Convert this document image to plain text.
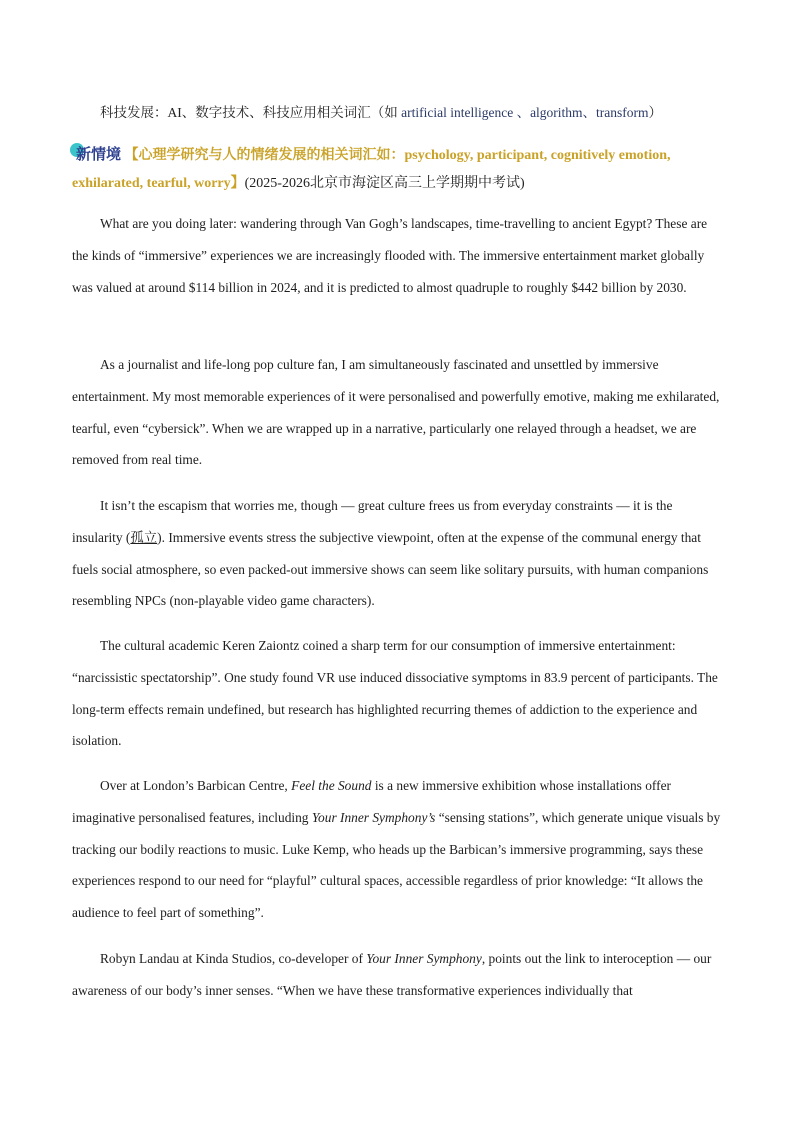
科技发展：AI、数字技术、科技应用相关词汇（如 artificial intelligence 、algorithm、transform）
新情境 【心理学研究与人的情绪发展的相关词汇如：psychology, participant, cognitively emotion, exhilarated, tearful, worry】(2025-2026北京市海淀区高三上学期期中考试)

What are you doing later: wandering through Van Gogh’s landscapes, time-travelling to ancient Egypt? These are the kinds of “immersive” experiences we are increasingly flooded with. The immersive entertainment market globally was valued at around $114 billion in 2024, and it is predicted to almost quadruple to roughly $442 billion by 2030.

As a journalist and life-long pop culture fan, I am simultaneously fascinated and unsettled by immersive entertainment. My most memorable experiences of it were personalised and powerfully emotive, making me exhilarated, tearful, even “cybersick”. When we are wrapped up in a narrative, particularly one relayed through a headset, we are removed from real time.

It isn’t the escapism that worries me, though — great culture frees us from everyday constraints — it is the insularity (孤立). Immersive events stress the subjective viewpoint, often at the expense of the communal energy that fuels social atmosphere, so even packed-out immersive shows can seem like solitary pursuits, with human companions resembling NPCs (non-playable video game characters).

The cultural academic Keren Zaiontz coined a sharp term for our consumption of immersive entertainment: “narcissistic spectatorship”. One study found VR use induced dissociative symptoms in 83.9 percent of participants. The long-term effects remain undefined, but research has highlighted recurring themes of addiction to the experience and isolation.

Over at London’s Barbican Centre, Feel the Sound is a new immersive exhibition whose installations offer imaginative personalised features, including Your Inner Symphony’s “sensing stations”, which generate unique visuals by tracking our bodily reactions to music. Luke Kemp, who heads up the Barbican’s immersive programming, says these experiences respond to our need for “playful” cultural spaces, accessible regardless of prior knowledge: “It allows the audience to feel part of something”.

Robyn Landau at Kinda Studios, co-developer of Your Inner Symphony, points out the link to interoception — our awareness of our body’s inner senses. “When we have these transformative experiences individually that
